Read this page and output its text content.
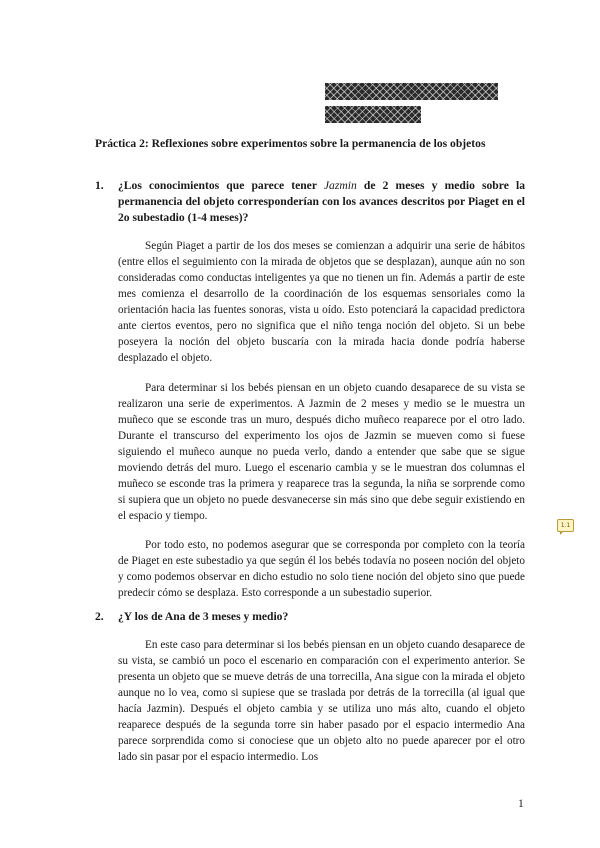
Práctica 2: Reflexiones sobre experimentos sobre la permanencia de los objetos

1. ¿Los conocimientos que parece tener Jazmin de 2 meses y medio sobre la permanencia del objeto corresponderían con los avances descritos por Piaget en el 2o subestadio (1-4 meses)?

Según Piaget a partir de los dos meses se comienzan a adquirir una serie de hábitos (entre ellos el seguimiento con la mirada de objetos que se desplazan), aunque aún no son consideradas como conductas inteligentes ya que no tienen un fin. Además a partir de este mes comienza el desarrollo de la coordinación de los esquemas sensoriales como la orientación hacia las fuentes sonoras, vista u oído. Esto potenciará la capacidad predictora ante ciertos eventos, pero no significa que el niño tenga noción del objeto. Si un bebe poseyera la noción del objeto buscaría con la mirada hacia donde podría haberse desplazado el objeto.

Para determinar si los bebés piensan en un objeto cuando desaparece de su vista se realizaron una serie de experimentos. A Jazmin de 2 meses y medio se le muestra un muñeco que se esconde tras un muro, después dicho muñeco reaparece por el otro lado. Durante el transcurso del experimento los ojos de Jazmin se mueven como si fuese siguiendo el muñeco aunque no pueda verlo, dando a entender que sabe que se sigue moviendo detrás del muro. Luego el escenario cambia y se le muestran dos columnas el muñeco se esconde tras la primera y reaparece tras la segunda, la niña se sorprende como si supiera que un objeto no puede desvanecerse sin más sino que debe seguir existiendo en el espacio y tiempo.

Por todo esto, no podemos asegurar que se corresponda por completo con la teoría de Piaget en este subestadio ya que según él los bebés todavía no poseen noción del objeto y como podemos observar en dicho estudio no solo tiene noción del objeto sino que puede predecir cómo se desplaza. Esto corresponde a un subestadio superior.

1.1
2. ¿Y los de Ana de 3 meses y medio?

En este caso para determinar si los bebés piensan en un objeto cuando desaparece de su vista, se cambió un poco el escenario en comparación con el experimento anterior. Se presenta un objeto que se mueve detrás de una torrecilla, Ana sigue con la mirada el objeto aunque no lo vea, como si supiese que se traslada por detrás de la torrecilla (al igual que hacía Jazmin). Después el objeto cambia y se utiliza uno más alto, cuando el objeto reaparece después de la segunda torre sin haber pasado por el espacio intermedio Ana parece sorprendida como si conociese que un objeto alto no puede aparecer por el otro lado sin pasar por el espacio intermedio. Los

1
